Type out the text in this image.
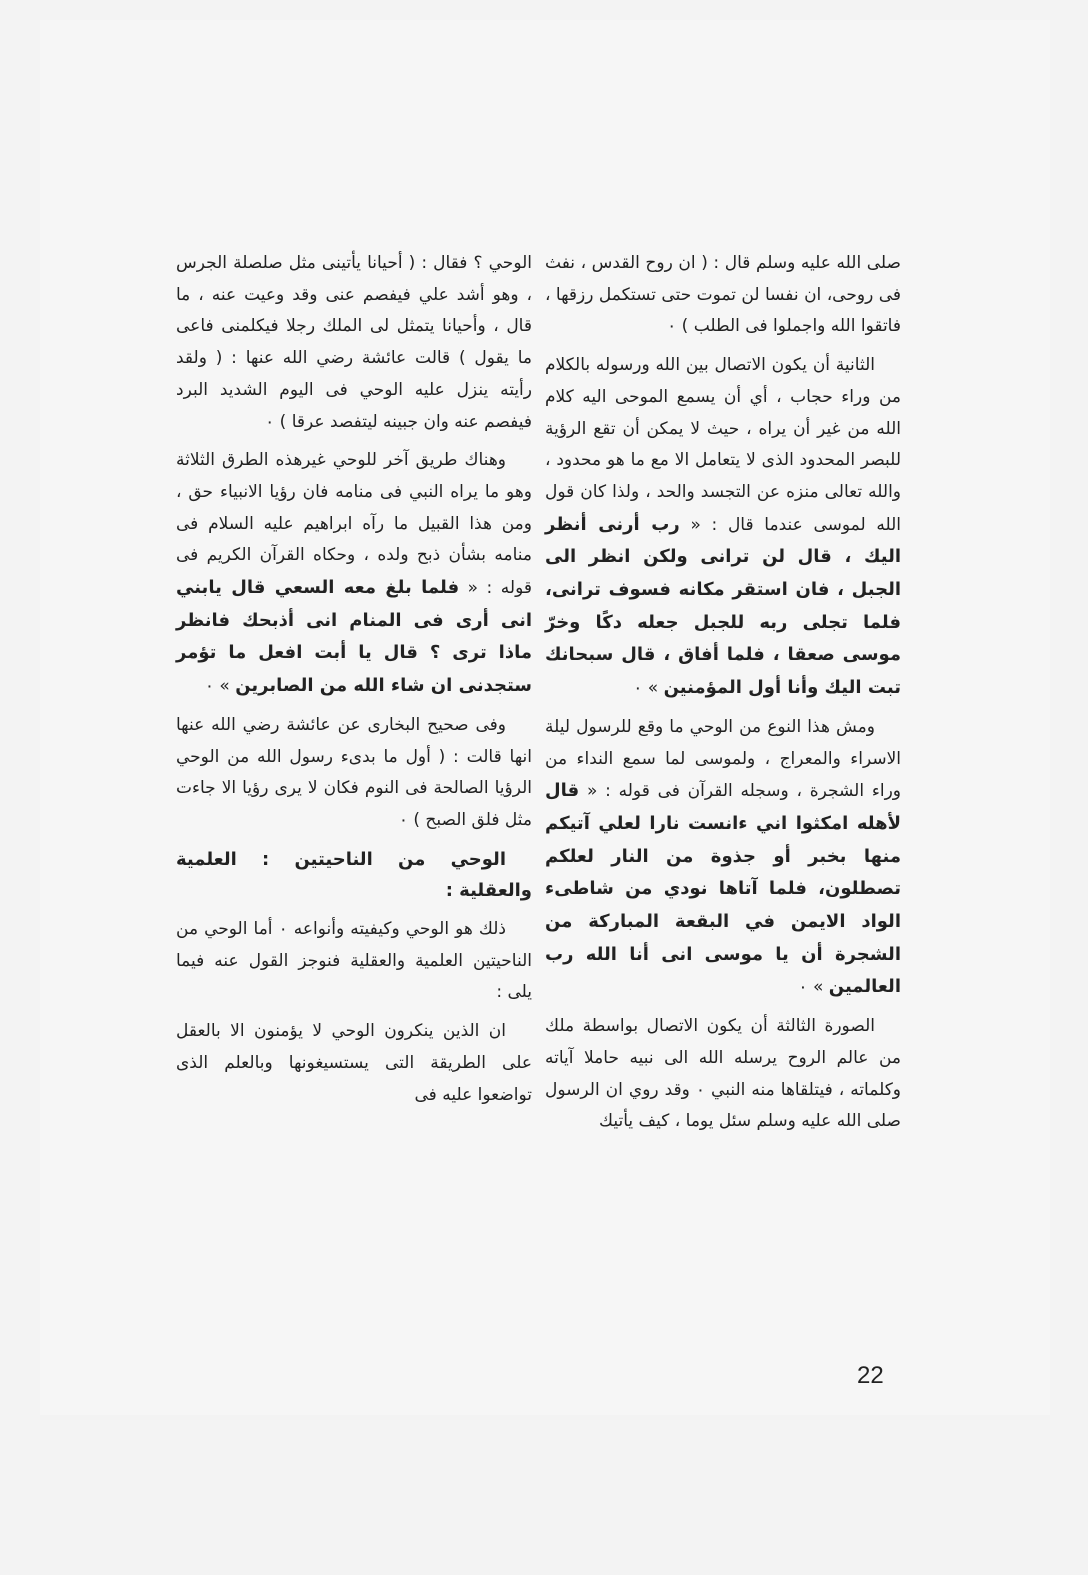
صلى الله عليه وسلم قال : ( ان روح القدس ، نفث فى روحى، ان نفسا لن تموت حتى تستكمل رزقها ، فاتقوا الله واجملوا فى الطلب ) ٠

الثانية أن يكون الاتصال بين الله ورسوله بالكلام من وراء حجاب ، أي أن يسمع الموحى اليه كلام الله من غير أن يراه ، حيث لا يمكن أن تقع الرؤية للبصر المحدود الذى لا يتعامل الا مع ما هو محدود ، والله تعالى منزه عن التجسد والحد ، ولذا كان قول الله لموسى عندما قال : « رب أرنى أنظر اليك ، قال لن ترانى ولكن انظر الى الجبل ، فان استقر مكانه فسوف ترانى، فلما تجلى ربه للجبل جعله دكًا وخرّ موسى صعقا ، فلما أفاق ، قال سبحانك تبت اليك وأنا أول المؤمنين » ٠

ومش هذا النوع من الوحي ما وقع للرسول ليلة الاسراء والمعراج ، ولموسى لما سمع النداء من وراء الشجرة ، وسجله القرآن فى قوله : « قال لأهله امكثوا اني ءانست نارا لعلي آتيكم منها بخبر أو جذوة من النار لعلكم تصطلون، فلما آتاها نودي من شاطىء الواد الايمن في البقعة المباركة من الشجرة أن يا موسى انى أنا الله رب العالمين » ٠

الصورة الثالثة أن يكون الاتصال بواسطة ملك من عالم الروح يرسله الله الى نبيه حاملا آياته وكلماته ، فيتلقاها منه النبي ٠ وقد روي ان الرسول صلى الله عليه وسلم سئل يوما ، كيف يأتيك

الوحي ؟ فقال : ( أحيانا يأتينى مثل صلصلة الجرس ، وهو أشد علي فيفصم عنى وقد وعيت عنه ، ما قال ، وأحيانا يتمثل لى الملك رجلا فيكلمنى فاعى ما يقول ) قالت عائشة رضي الله عنها : ( ولقد رأيته ينزل عليه الوحي فى اليوم الشديد البرد فيفصم عنه وان جبينه ليتفصد عرقا ) ٠

وهناك طريق آخر للوحي غيرهذه الطرق الثلاثة وهو ما يراه النبي فى منامه فان رؤيا الانبياء حق ، ومن هذا القبيل ما رآه ابراهيم عليه السلام فى منامه بشأن ذبح ولده ، وحكاه القرآن الكريم فى قوله : « فلما بلغ معه السعي قال يابني انى أرى فى المنام انى أذبحك فانظر ماذا ترى ؟ قال يا أبت افعل ما تؤمر ستجدنى ان شاء الله من الصابرين » ٠

وفى صحيح البخارى عن عائشة رضي الله عنها انها قالت : ( أول ما بدىء رسول الله من الوحي الرؤيا الصالحة فى النوم فكان لا يرى رؤيا الا جاءت مثل فلق الصبح ) ٠

الوحي من الناحيتين : العلمية والعقلية :

ذلك هو الوحي وكيفيته وأنواعه ٠ أما الوحي من الناحيتين العلمية والعقلية فنوجز القول عنه فيما يلى :

ان الذين ينكرون الوحي لا يؤمنون الا بالعقل على الطريقة التى يستسيغونها وبالعلم الذى تواضعوا عليه فى

22
